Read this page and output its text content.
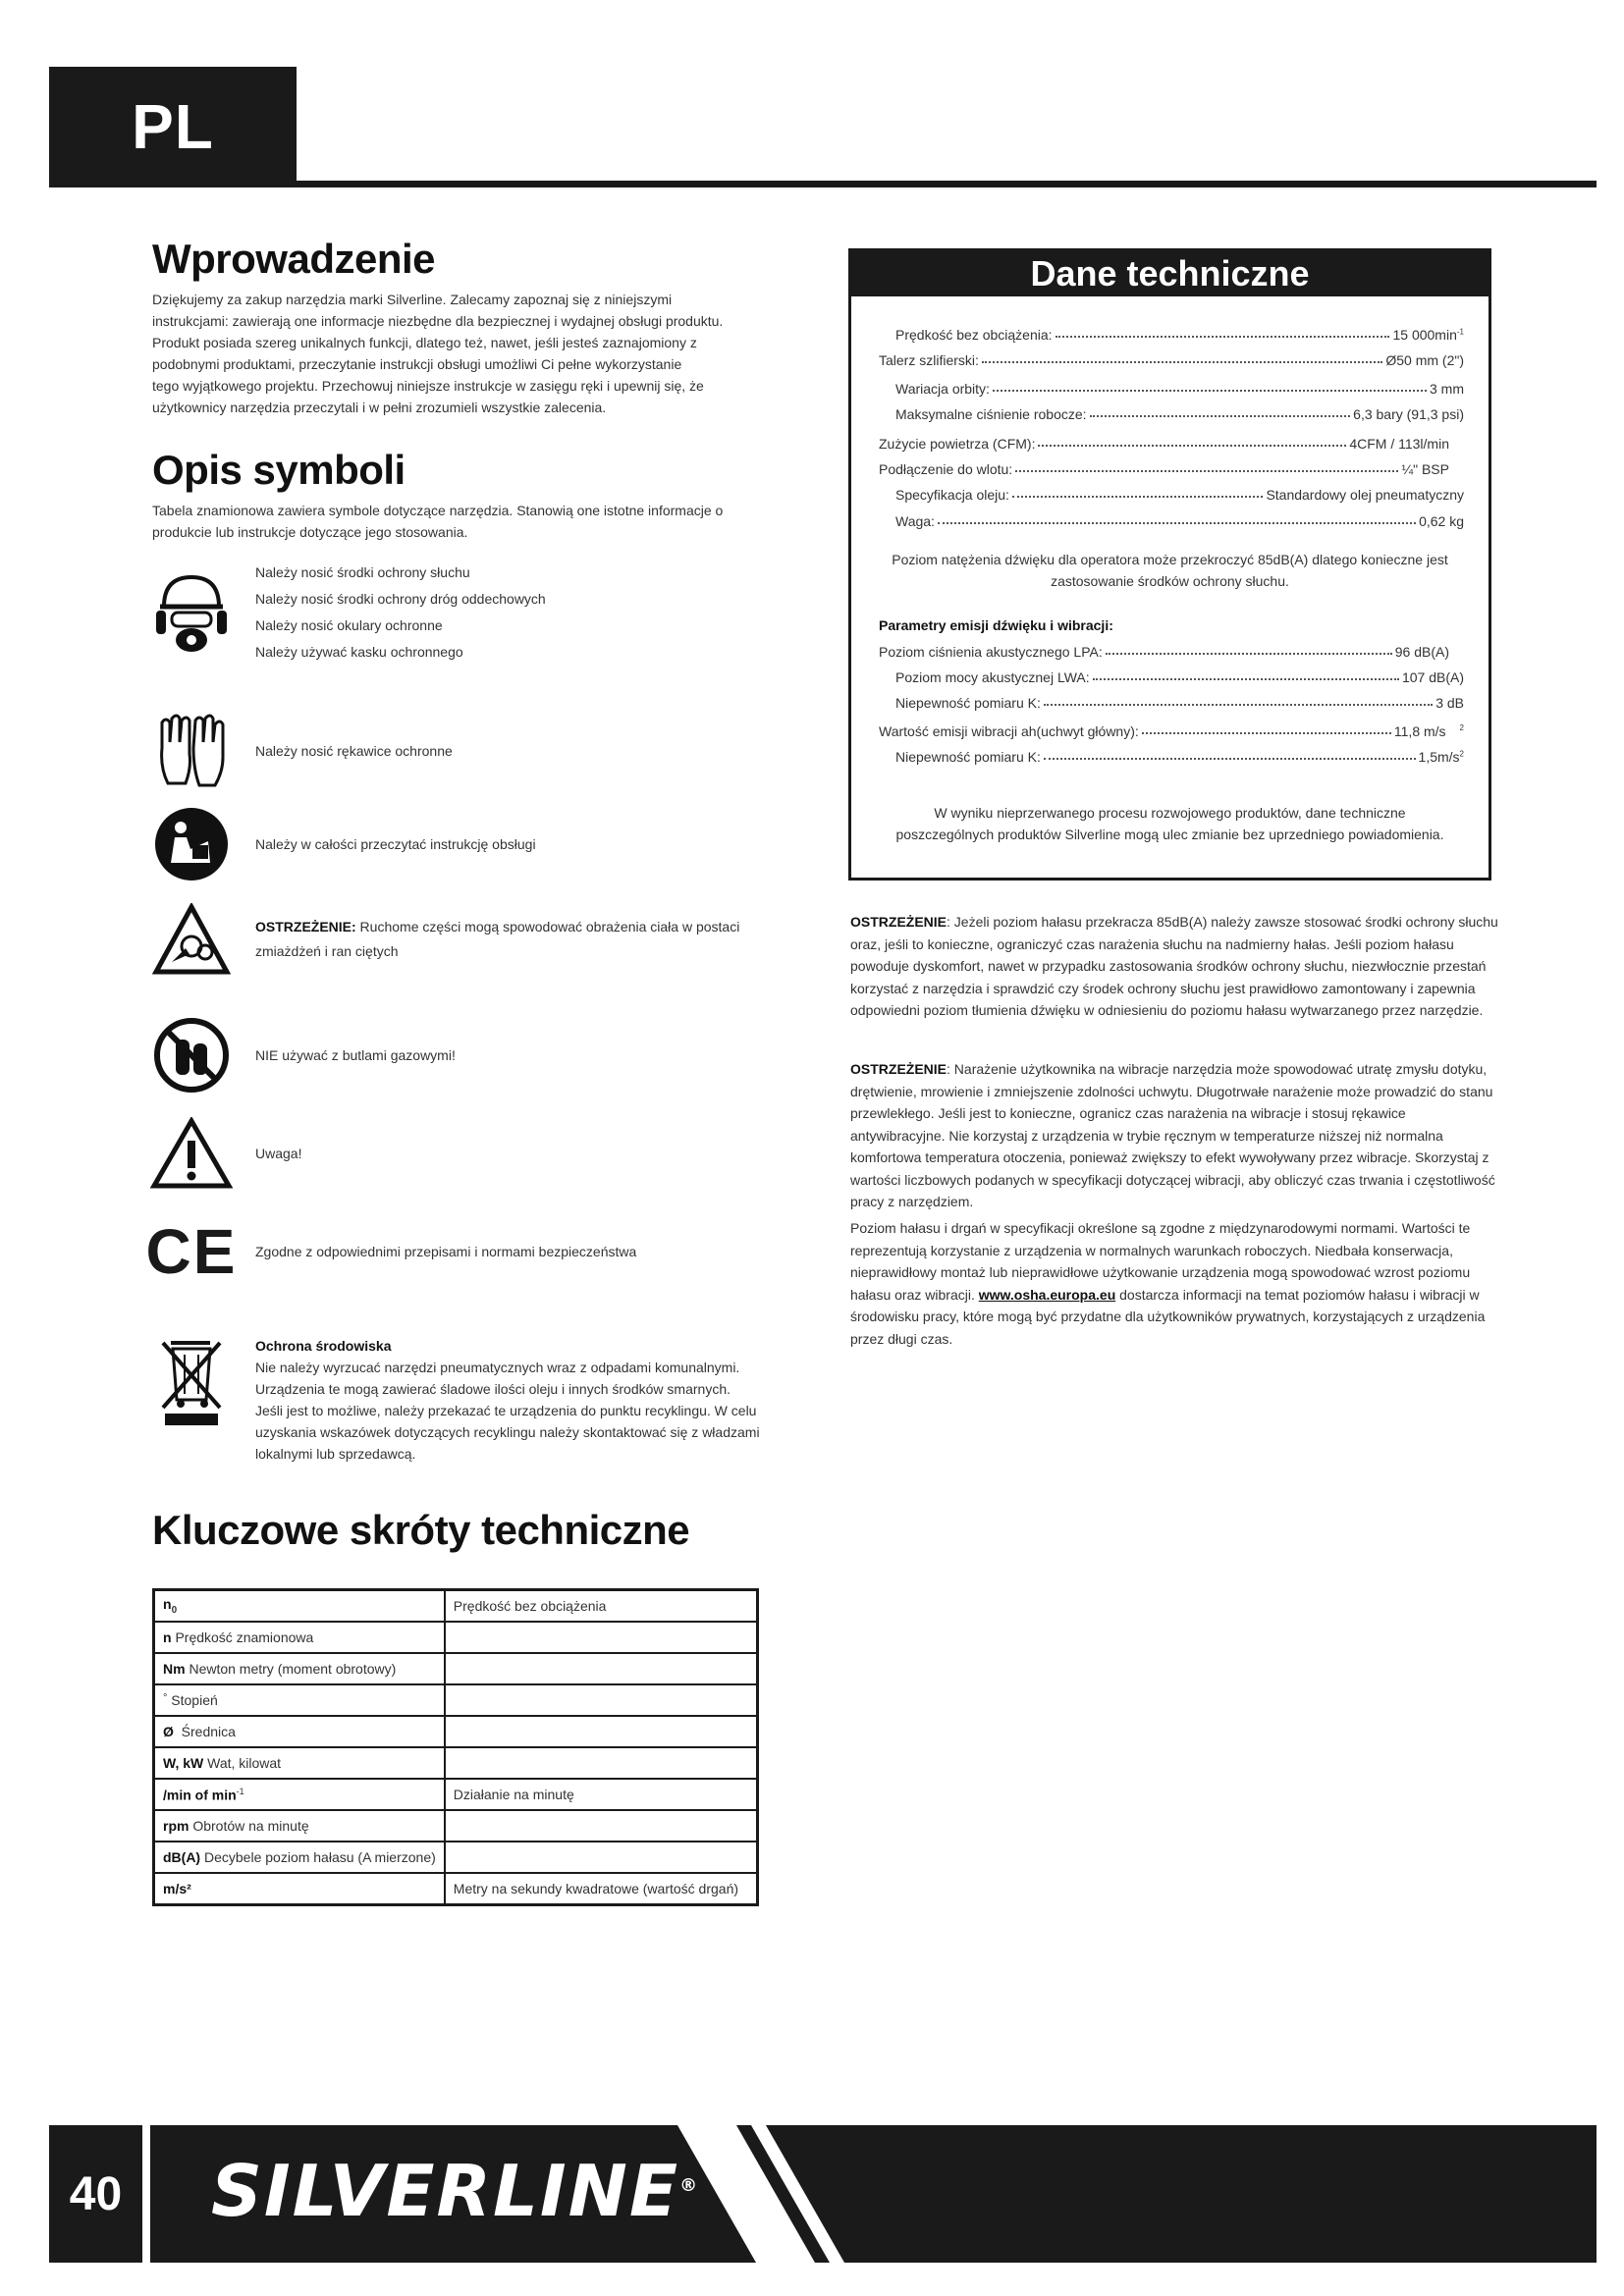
PL
Wprowadzenie

Dziękujemy za zakup narzędzia marki Silverline. Zalecamy zapoznaj się z niniejszymi

instrukcjami: zawierają one informacje niezbędne dla bezpiecznej i wydajnej obsługi produktu.

Produkt posiada szereg unikalnych funkcji, dlatego też, nawet, jeśli jesteś zaznajomiony z

podobnymi produktami, przeczytanie instrukcji obsługi umożliwi Ci pełne wykorzystanie

tego wyjątkowego projektu. Przechowuj niniejsze instrukcje w zasięgu ręki i upewnij się, że

użytkownicy narzędzia przeczytali i w pełni zrozumieli wszystkie zalecenia.

Opis symboli

Tabela znamionowa zawiera symbole dotyczące narzędzia. Stanowią one istotne informacje o

produkcie lub instrukcje dotyczące jego stosowania.

Należy nosić środki ochrony słuchu
Należy nosić środki ochrony dróg oddechowych
Należy nosić okulary ochronne
Należy używać kasku ochronnego
Należy nosić rękawice ochronne
Należy w całości przeczytać instrukcję obsługi
OSTRZEŻENIE: Ruchome części mogą spowodować obrażenia ciała w postaci
zmiażdżeń i ran ciętych
NIE używać z butlami gazowymi!
Uwaga!
CE Zgodne z odpowiednimi przepisami i normami bezpieczeństwa
Ochrona środowiska
Nie należy wyrzucać narzędzi pneumatycznych wraz z odpadami komunalnymi.
Urządzenia te mogą zawierać śladowe ilości oleju i innych środków smarnych.
Jeśli jest to możliwe, należy przekazać te urządzenia do punktu recyklingu. W celu
uzyskania wskazówek dotyczących recyklingu należy skontaktować się z władzami
lokalnymi lub sprzedawcą.
Kluczowe skróty techniczne
$n_0$	Prędkość bez obciążenia
n Prędkość znamionowa	
Nm Newton metry (moment obrotowy)	
° Stopień	
Ø Średnica	
W, kW Wat, kilowat	
/min of $\min^{-1}$	Działanie na minutę
rpm Obrotów na minutę	
dB(A) Decybele poziom hałasu (A mierzone)	
m/s²	Metry na sekundy kwadratowe (wartość drgań)
Dane techniczne
Prędkość bez obciążenia:	15 $000\min^{-1}$
Talerz szlifierski:	Ø50 mm (2")
Wariacja orbity:	3 mm
Maksymalne ciśnienie robocze:	6,3 bary (91,3 psi)
Zużycie powietrza (CFM):	4CFM / 113l/min
Podłączenie do wlotu:	¼" BSP
Specyfikacja oleju:	Standardowy olej pneumatyczny
Waga:	0,62 kg
Poziom natężenia dźwięku dla operatora może przekroczyć 85dB(A) dlatego konieczne jest
zastosowanie środków ochrony słuchu.
Parametry emisji dźwięku i wibracji:
Poziom ciśnienia akustycznego LPA:	96 dB(A)
Poziom mocy akustycznej LWA:	107 dB(A)
Niepewność pomiaru K:	3 dB
Wartość emisji wibracji ah(uchwyt główny):	11,8 m/s $^2$
Niepewność pomiaru K:	$1,5m/s^2$
W wyniku nieprzerwanego procesu rozwojowego produktów, dane techniczne
poszczególnych produktów Silverline mogą ulec zmianie bez uprzedniego powiadomienia.
OSTRZEŻENIE: Jeżeli poziom hałasu przekracza 85dB(A) należy zawsze stosować środki ochrony słuchu oraz, jeśli to konieczne, ograniczyć czas narażenia słuchu na nadmierny hałas. Jeśli poziom hałasu powoduje dyskomfort, nawet w przypadku zastosowania środków ochrony słuchu, niezwłocznie przestań korzystać z narzędzia i sprawdzić czy środek ochrony słuchu jest prawidłowo zamontowany i zapewnia odpowiedni poziom tłumienia dźwięku w odniesieniu do poziomu hałasu wytwarzanego przez narzędzie.
OSTRZEŻENIE: Narażenie użytkownika na wibracje narzędzia może spowodować utratę zmysłu dotyku, drętwienie, mrowienie i zmniejszenie zdolności uchwytu. Długotrwałe narażenie może prowadzić do stanu przewlekłego. Jeśli jest to konieczne, ogranicz czas narażenia na wibracje i stosuj rękawice antywibracyjne. Nie korzystaj z urządzenia w trybie ręcznym w temperaturze niższej niż normalna komfortowa temperatura otoczenia, ponieważ zwiększy to efekt wywoływany przez wibracje. Skorzystaj z wartości liczbowych podanych w specyfikacji dotyczącej wibracji, aby obliczyć czas trwania i częstotliwość pracy z narzędziem.
Poziom hałasu i drgań w specyfikacji określone są zgodne z międzynarodowymi normami. Wartości te reprezentują korzystanie z urządzenia w normalnych warunkach roboczych. Niedbała konserwacja, nieprawidłowy montaż lub nieprawidłowe użytkowanie urządzenia mogą spowodować wzrost poziomu hałasu oraz wibracji. www.osha.europa.eu dostarcza informacji na temat poziomów hałasu i wibracji w środowisku pracy, które mogą być przydatne dla użytkowników prywatnych, korzystających z urządzenia przez długi czas.
40 SILVERLINE®
